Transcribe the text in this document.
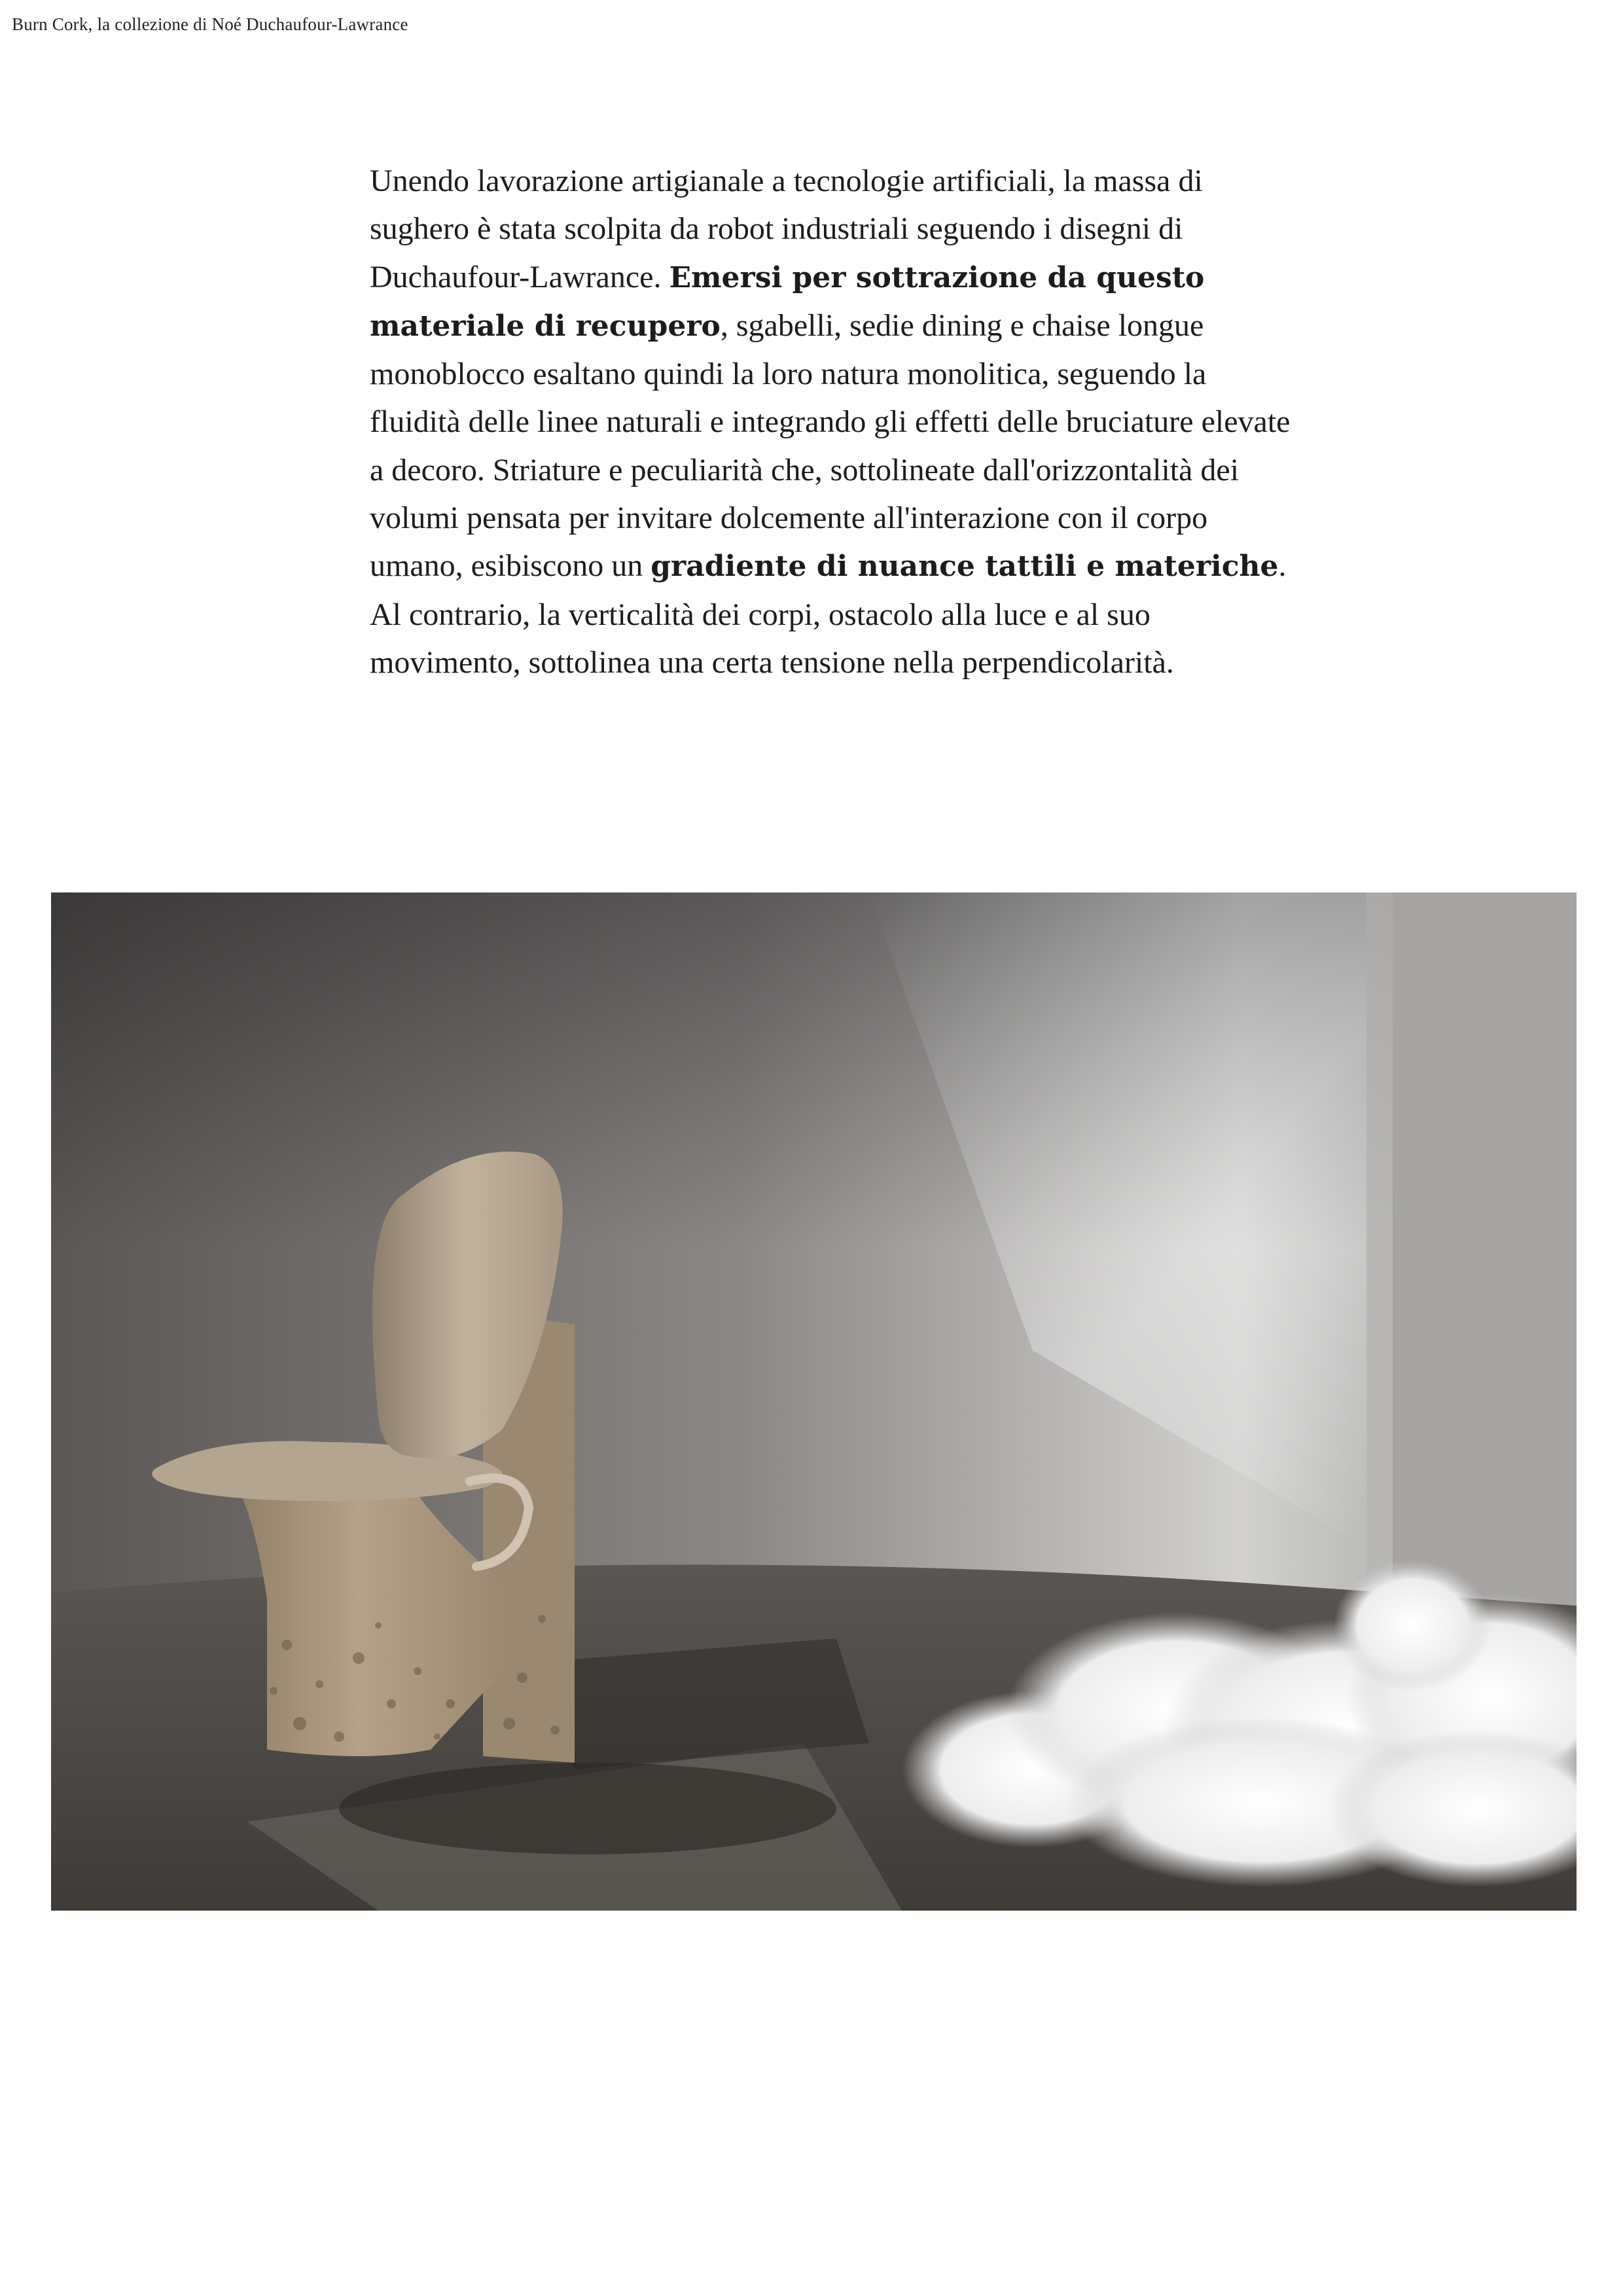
Burn Cork, la collezione di Noé Duchaufour-Lawrance

Unendo lavorazione artigianale a tecnologie artificiali, la massa di sughero è stata scolpita da robot industriali seguendo i disegni di Duchaufour-Lawrance. Emersi per sottrazione da questo materiale di recupero, sgabelli, sedie dining e chaise longue monoblocco esaltano quindi la loro natura monolitica, seguendo la fluidità delle linee naturali e integrando gli effetti delle bruciature elevate a decoro. Striature e peculiarità che, sottolineate dall'orizzontalità dei volumi pensata per invitare dolcemente all'interazione con il corpo umano, esibiscono un gradiente di nuance tattili e materiche. Al contrario, la verticalità dei corpi, ostacolo alla luce e al suo movimento, sottolinea una certa tensione nella perpendicolarità.
